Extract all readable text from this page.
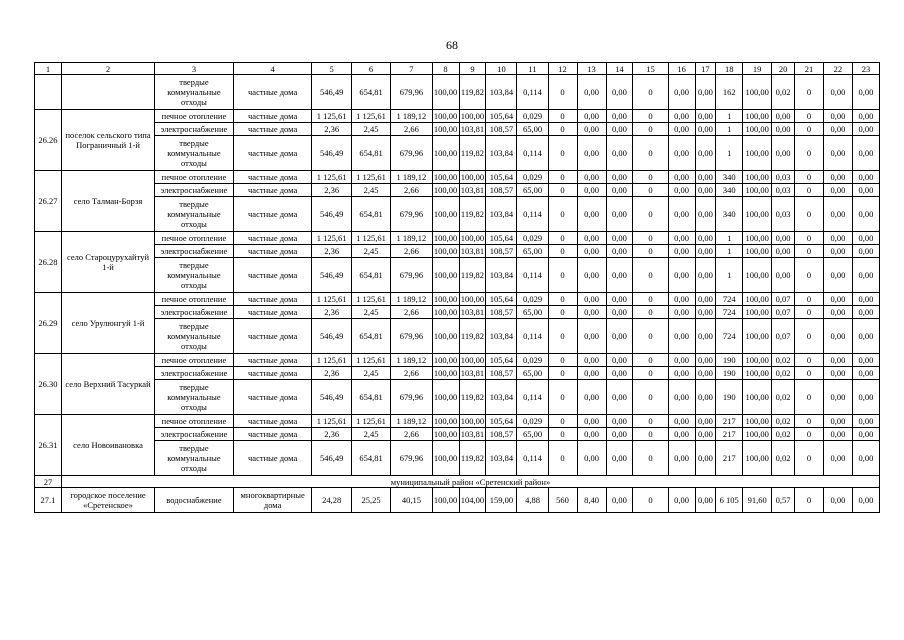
68
1	2	3	4	5	6	7	8	9	10	11	12	13	14	15	16	17	18	19	20	21	22	23
		твердые коммунальные отходы	частные дома	546,49	654,81	679,96	100,00	119,82	103,84	0,114	0	0,00	0,00	0	0,00	0,00	162	100,00	0,02	0	0,00	0,00
26.26	поселок сельского типа Пограничный 1-й	печное отопление	частные дома	1 125,61	1 125,61	1 189,12	100,00	100,00	105,64	0,029	0	0,00	0,00	0	0,00	0,00	1	100,00	0,00	0	0,00	0,00
		электроснабжение	частные дома	2,36	2,45	2,66	100,00	103,81	108,57	65,00	0	0,00	0,00	0	0,00	0,00	1	100,00	0,00	0	0,00	0,00
		твердые коммунальные отходы	частные дома	546,49	654,81	679,96	100,00	119,82	103,84	0,114	0	0,00	0,00	0	0,00	0,00	1	100,00	0,00	0	0,00	0,00
26.27	село Талман-Борзя	печное отопление	частные дома	1 125,61	1 125,61	1 189,12	100,00	100,00	105,64	0,029	0	0,00	0,00	0	0,00	0,00	340	100,00	0,03	0	0,00	0,00
		электроснабжение	частные дома	2,36	2,45	2,66	100,00	103,81	108,57	65,00	0	0,00	0,00	0	0,00	0,00	340	100,00	0,03	0	0,00	0,00
		твердые коммунальные отходы	частные дома	546,49	654,81	679,96	100,00	119,82	103,84	0,114	0	0,00	0,00	0	0,00	0,00	340	100,00	0,03	0	0,00	0,00
26.28	село Староцурухайтуй 1-й	печное отопление	частные дома	1 125,61	1 125,61	1 189,12	100,00	100,00	105,64	0,029	0	0,00	0,00	0	0,00	0,00	1	100,00	0,00	0	0,00	0,00
		электроснабжение	частные дома	2,36	2,45	2,66	100,00	103,81	108,57	65,00	0	0,00	0,00	0	0,00	0,00	1	100,00	0,00	0	0,00	0,00
		твердые коммунальные отходы	частные дома	546,49	654,81	679,96	100,00	119,82	103,84	0,114	0	0,00	0,00	0	0,00	0,00	1	100,00	0,00	0	0,00	0,00
26.29	село Урулюнгуй 1-й	печное отопление	частные дома	1 125,61	1 125,61	1 189,12	100,00	100,00	105,64	0,029	0	0,00	0,00	0	0,00	0,00	724	100,00	0,07	0	0,00	0,00
		электроснабжение	частные дома	2,36	2,45	2,66	100,00	103,81	108,57	65,00	0	0,00	0,00	0	0,00	0,00	724	100,00	0,07	0	0,00	0,00
		твердые коммунальные отходы	частные дома	546,49	654,81	679,96	100,00	119,82	103,84	0,114	0	0,00	0,00	0	0,00	0,00	724	100,00	0,07	0	0,00	0,00
26.30	село Верхний Тасуркай	печное отопление	частные дома	1 125,61	1 125,61	1 189,12	100,00	100,00	105,64	0,029	0	0,00	0,00	0	0,00	0,00	190	100,00	0,02	0	0,00	0,00
		электроснабжение	частные дома	2,36	2,45	2,66	100,00	103,81	108,57	65,00	0	0,00	0,00	0	0,00	0,00	190	100,00	0,02	0	0,00	0,00
		твердые коммунальные отходы	частные дома	546,49	654,81	679,96	100,00	119,82	103,84	0,114	0	0,00	0,00	0	0,00	0,00	190	100,00	0,02	0	0,00	0,00
26.31	село Новоивановка	печное отопление	частные дома	1 125,61	1 125,61	1 189,12	100,00	100,00	105,64	0,029	0	0,00	0,00	0	0,00	0,00	217	100,00	0,02	0	0,00	0,00
		электроснабжение	частные дома	2,36	2,45	2,66	100,00	103,81	108,57	65,00	0	0,00	0,00	0	0,00	0,00	217	100,00	0,02	0	0,00	0,00
		твердые коммунальные отходы	частные дома	546,49	654,81	679,96	100,00	119,82	103,84	0,114	0	0,00	0,00	0	0,00	0,00	217	100,00	0,02	0	0,00	0,00
27	муниципальный район «Сретенский район»																					
27.1	городское поселение «Сретенское»	водоснабжение	многоквартирные дома	24,28	25,25	40,15	100,00	104,00	159,00	4,88	560	8,40	0,00	0	0,00	0,00	6 105	91,60	0,57	0	0,00	0,00
